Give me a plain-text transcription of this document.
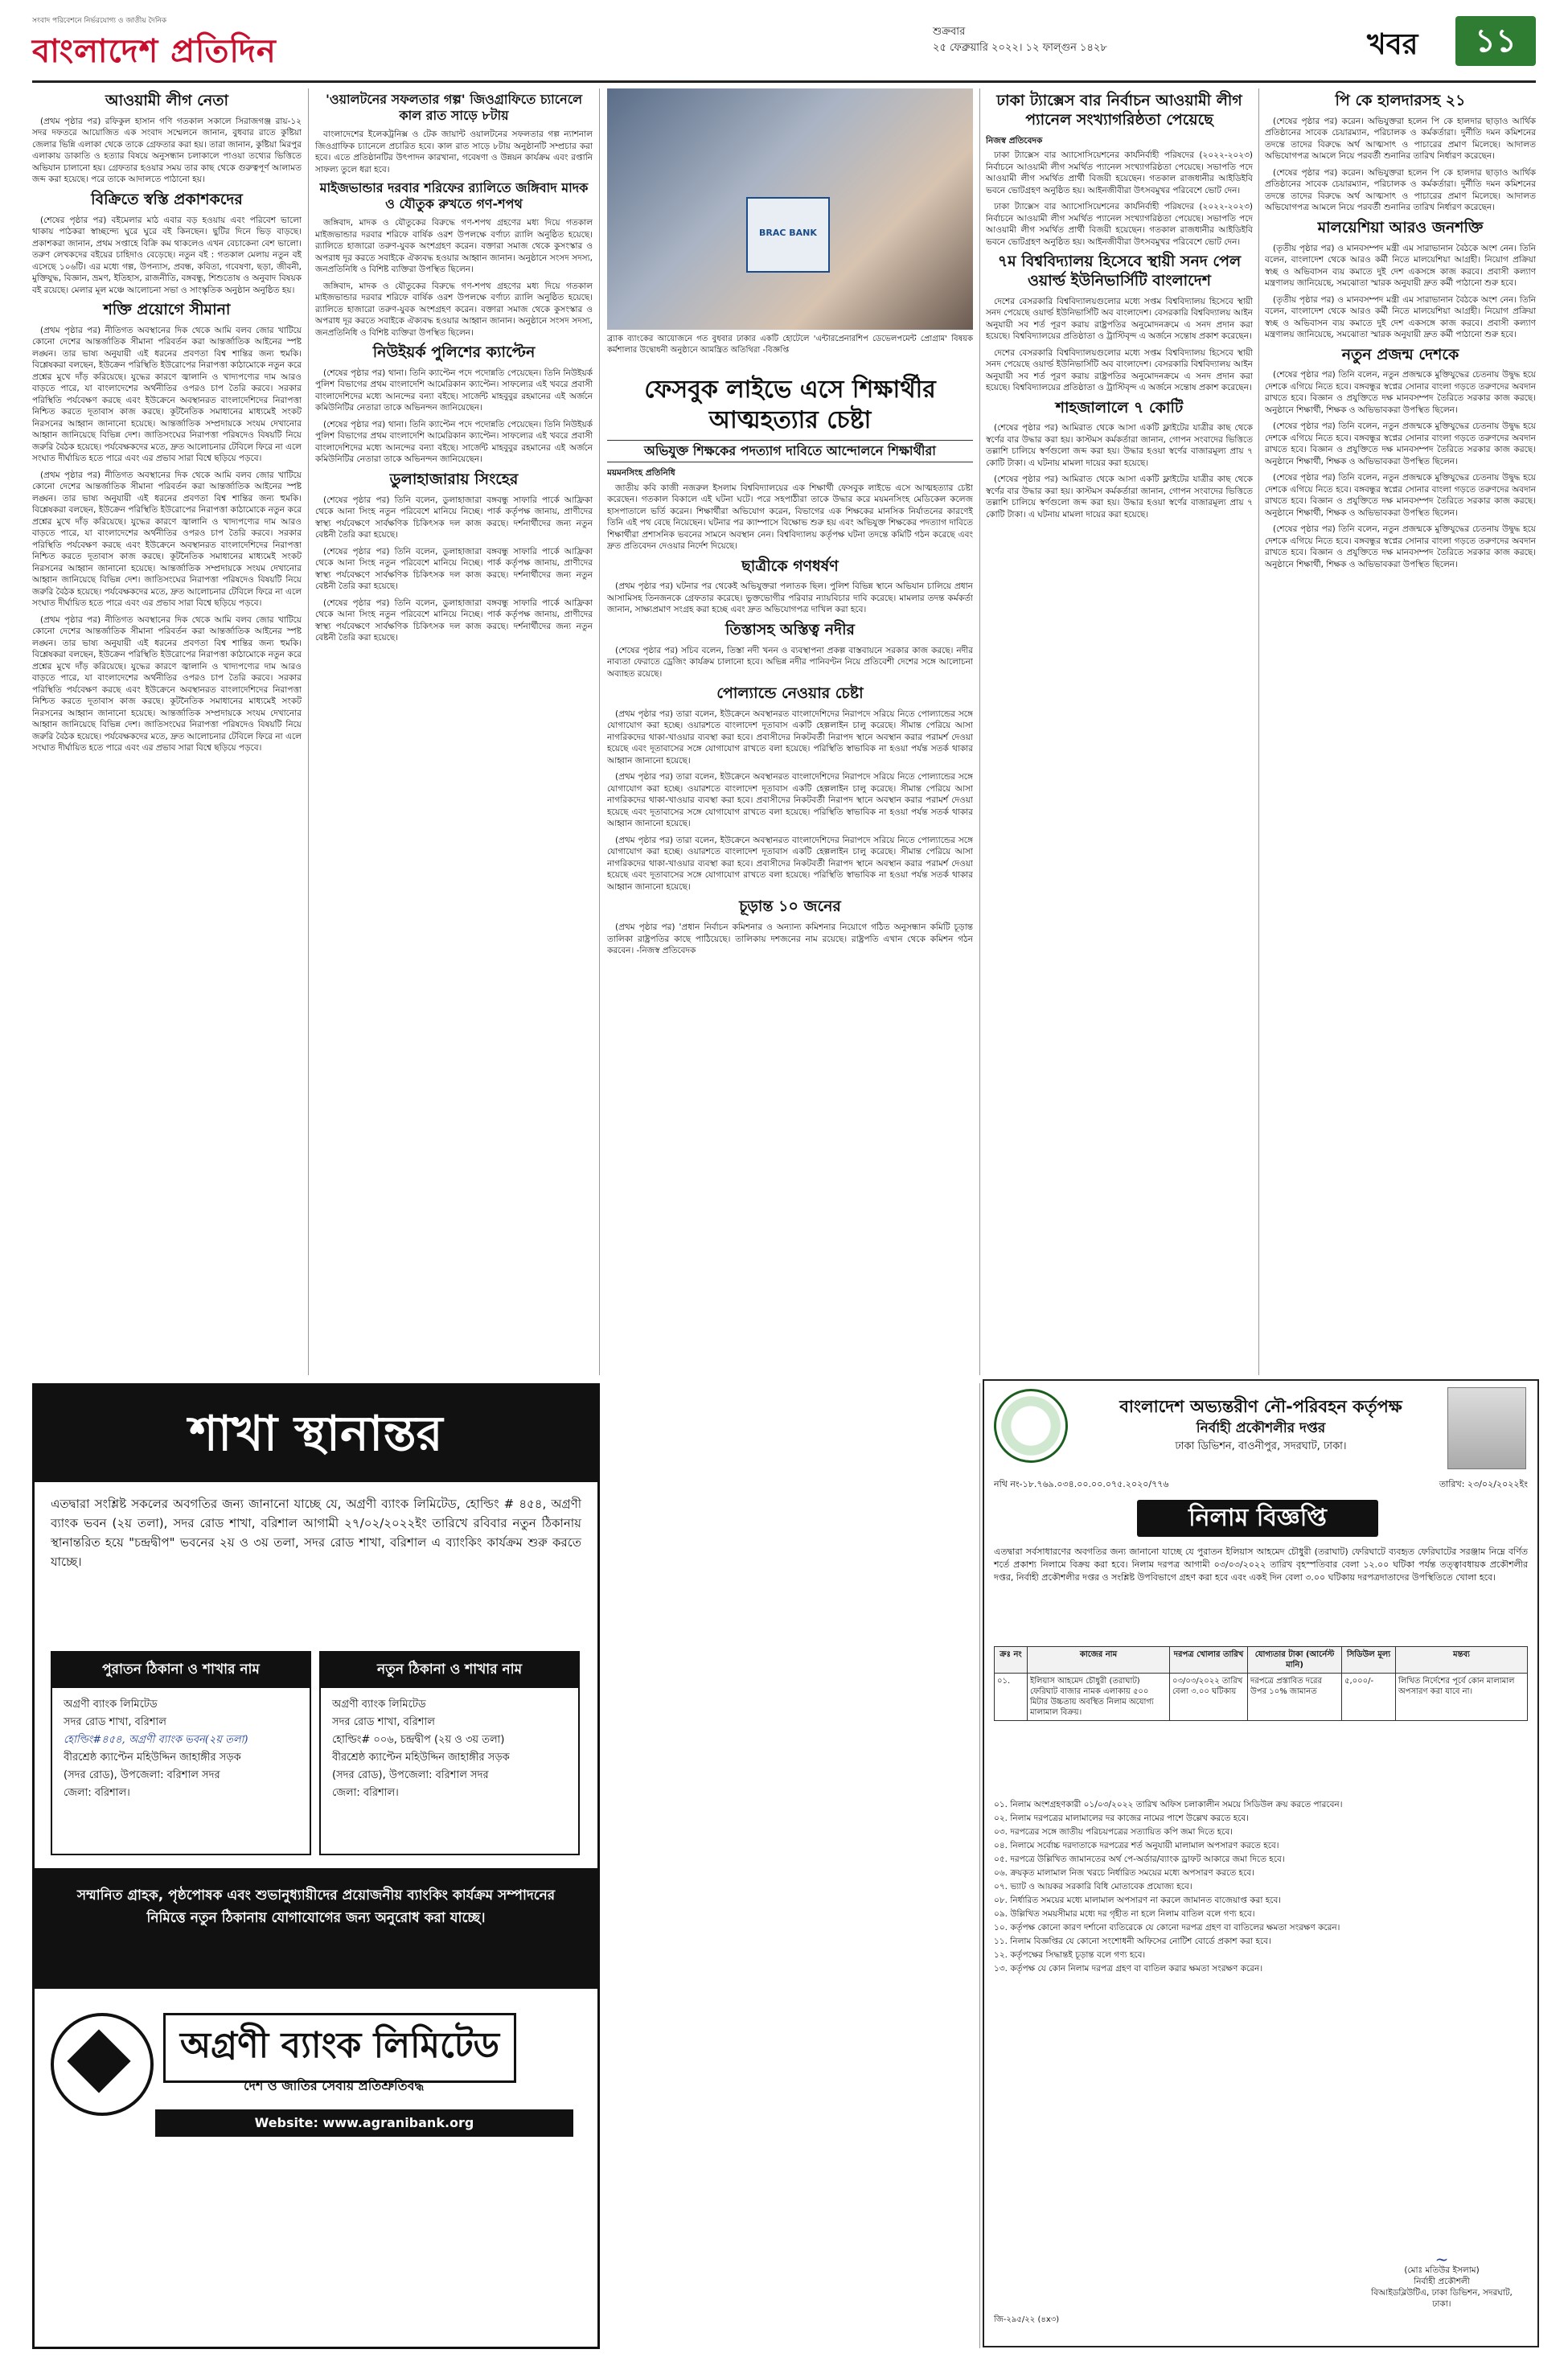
সংবাদ পরিবেশনে নির্ভরযোগ্য ও জাতীয় দৈনিক
বাংলাদেশ প্রতিদিন
শুক্রবার
২৫ ফেব্রুয়ারি ২০২২। ১২ ফাল্গুন ১৪২৮	খবর	১১
আওয়ামী লীগ নেতা

(প্রথম পৃষ্ঠার পর) রফিকুল হাসান গণি গতকাল সকালে সিরাজগঞ্জ রায়-১২ সদর দফতরে আয়োজিত এক সংবাদ সম্মেলনে জানান, বুধবার রাতে কুষ্টিয়া জেলার ভিন্নি এলাকা থেকে তাকে গ্রেফতার করা হয়। তারা জানান, কুষ্টিয়া মিরপুর এলাকায় ডাকাতি ও হত্যার বিষয়ে অনুসন্ধান চলাকালে পাওয়া তথ্যের ভিত্তিতে অভিযান চালানো হয়। গ্রেফতার হওয়ার সময় তার কাছ থেকে গুরুত্বপূর্ণ আলামত জব্দ করা হয়েছে। পরে তাকে আদালতে পাঠানো হয়।

বিক্রিতে স্বস্তি প্রকাশকদের

(শেষের পৃষ্ঠার পর) বইমেলার মাঠ এবার বড় হওয়ায় এবং পরিবেশ ভালো থাকায় পাঠকরা স্বাচ্ছন্দ্যে ঘুরে ঘুরে বই কিনছেন। ছুটির দিনে ভিড় বাড়ছে। প্রকাশকরা জানান, প্রথম সপ্তাহে বিক্রি কম থাকলেও এখন বেচাকেনা বেশ ভালো। তরুণ লেখকদের বইয়ের চাহিদাও বেড়েছে। নতুন বই : গতকাল মেলায় নতুন বই এসেছে ১০৬টি। এর মধ্যে গল্প, উপন্যাস, প্রবন্ধ, কবিতা, গবেষণা, ছড়া, জীবনী, মুক্তিযুদ্ধ, বিজ্ঞান, ভ্রমণ, ইতিহাস, রাজনীতি, বঙ্গবন্ধু, শিশুতোষ ও অনুবাদ বিষয়ক বই রয়েছে। মেলার মূল মঞ্চে আলোচনা সভা ও সাংস্কৃতিক অনুষ্ঠান অনুষ্ঠিত হয়।

শক্তি প্রয়োগে সীমানা

(প্রথম পৃষ্ঠার পর) নীতিগত অবস্থানের দিক থেকে আমি বলব জোর খাটিয়ে কোনো দেশের আন্তর্জাতিক সীমানা পরিবর্তন করা আন্তর্জাতিক আইনের স্পষ্ট লঙ্ঘন। তার ভাষ্য অনুযায়ী এই ধরনের প্রবণতা বিশ্ব শান্তির জন্য হুমকি। বিশ্লেষকরা বলছেন, ইউক্রেন পরিস্থিতি ইউরোপের নিরাপত্তা কাঠামোকে নতুন করে প্রশ্নের মুখে দাঁড় করিয়েছে। যুদ্ধের কারণে জ্বালানি ও খাদ্যপণ্যের দাম আরও বাড়তে পারে, যা বাংলাদেশের অর্থনীতির ওপরও চাপ তৈরি করবে। সরকার পরিস্থিতি পর্যবেক্ষণ করছে এবং ইউক্রেনে অবস্থানরত বাংলাদেশিদের নিরাপত্তা নিশ্চিত করতে দূতাবাস কাজ করছে। কূটনৈতিক সমাধানের মাধ্যমেই সংকট নিরসনের আহ্বান জানানো হয়েছে। আন্তর্জাতিক সম্প্রদায়কে সংযম দেখানোর আহ্বান জানিয়েছে বিভিন্ন দেশ। জাতিসংঘের নিরাপত্তা পরিষদেও বিষয়টি নিয়ে জরুরি বৈঠক হয়েছে। পর্যবেক্ষকদের মতে, দ্রুত আলোচনার টেবিলে ফিরে না এলে সংঘাত দীর্ঘায়িত হতে পারে এবং এর প্রভাব সারা বিশ্বে ছড়িয়ে পড়বে।

(প্রথম পৃষ্ঠার পর) নীতিগত অবস্থানের দিক থেকে আমি বলব জোর খাটিয়ে কোনো দেশের আন্তর্জাতিক সীমানা পরিবর্তন করা আন্তর্জাতিক আইনের স্পষ্ট লঙ্ঘন। তার ভাষ্য অনুযায়ী এই ধরনের প্রবণতা বিশ্ব শান্তির জন্য হুমকি। বিশ্লেষকরা বলছেন, ইউক্রেন পরিস্থিতি ইউরোপের নিরাপত্তা কাঠামোকে নতুন করে প্রশ্নের মুখে দাঁড় করিয়েছে। যুদ্ধের কারণে জ্বালানি ও খাদ্যপণ্যের দাম আরও বাড়তে পারে, যা বাংলাদেশের অর্থনীতির ওপরও চাপ তৈরি করবে। সরকার পরিস্থিতি পর্যবেক্ষণ করছে এবং ইউক্রেনে অবস্থানরত বাংলাদেশিদের নিরাপত্তা নিশ্চিত করতে দূতাবাস কাজ করছে। কূটনৈতিক সমাধানের মাধ্যমেই সংকট নিরসনের আহ্বান জানানো হয়েছে। আন্তর্জাতিক সম্প্রদায়কে সংযম দেখানোর আহ্বান জানিয়েছে বিভিন্ন দেশ। জাতিসংঘের নিরাপত্তা পরিষদেও বিষয়টি নিয়ে জরুরি বৈঠক হয়েছে। পর্যবেক্ষকদের মতে, দ্রুত আলোচনার টেবিলে ফিরে না এলে সংঘাত দীর্ঘায়িত হতে পারে এবং এর প্রভাব সারা বিশ্বে ছড়িয়ে পড়বে।

(প্রথম পৃষ্ঠার পর) নীতিগত অবস্থানের দিক থেকে আমি বলব জোর খাটিয়ে কোনো দেশের আন্তর্জাতিক সীমানা পরিবর্তন করা আন্তর্জাতিক আইনের স্পষ্ট লঙ্ঘন। তার ভাষ্য অনুযায়ী এই ধরনের প্রবণতা বিশ্ব শান্তির জন্য হুমকি। বিশ্লেষকরা বলছেন, ইউক্রেন পরিস্থিতি ইউরোপের নিরাপত্তা কাঠামোকে নতুন করে প্রশ্নের মুখে দাঁড় করিয়েছে। যুদ্ধের কারণে জ্বালানি ও খাদ্যপণ্যের দাম আরও বাড়তে পারে, যা বাংলাদেশের অর্থনীতির ওপরও চাপ তৈরি করবে। সরকার পরিস্থিতি পর্যবেক্ষণ করছে এবং ইউক্রেনে অবস্থানরত বাংলাদেশিদের নিরাপত্তা নিশ্চিত করতে দূতাবাস কাজ করছে। কূটনৈতিক সমাধানের মাধ্যমেই সংকট নিরসনের আহ্বান জানানো হয়েছে। আন্তর্জাতিক সম্প্রদায়কে সংযম দেখানোর আহ্বান জানিয়েছে বিভিন্ন দেশ। জাতিসংঘের নিরাপত্তা পরিষদেও বিষয়টি নিয়ে জরুরি বৈঠক হয়েছে। পর্যবেক্ষকদের মতে, দ্রুত আলোচনার টেবিলে ফিরে না এলে সংঘাত দীর্ঘায়িত হতে পারে এবং এর প্রভাব সারা বিশ্বে ছড়িয়ে পড়বে।

'ওয়ালটনের সফলতার গল্প' জিওগ্রাফিতে চ্যানেলে কাল রাত সাড়ে ৮টায়

বাংলাদেশের ইলেকট্রনিক্স ও টেক জায়ান্ট ওয়ালটনের সফলতার গল্প ন্যাশনাল জিওগ্রাফিক চ্যানেলে প্রচারিত হবে। কাল রাত সাড়ে ৮টায় অনুষ্ঠানটি সম্প্রচার করা হবে। এতে প্রতিষ্ঠানটির উৎপাদন কারখানা, গবেষণা ও উন্নয়ন কার্যক্রম এবং রপ্তানি সাফল্য তুলে ধরা হবে।

মাইজভান্ডার দরবার শরিফের র‍্যালিতে জঙ্গিবাদ মাদক ও যৌতুক রুখতে গণ-শপথ

জঙ্গিবাদ, মাদক ও যৌতুকের বিরুদ্ধে গণ-শপথ গ্রহণের মধ্য দিয়ে গতকাল মাইজভান্ডার দরবার শরিফে বার্ষিক ওরশ উপলক্ষে বর্ণাঢ্য র‍্যালি অনুষ্ঠিত হয়েছে। র‍্যালিতে হাজারো তরুণ-যুবক অংশগ্রহণ করেন। বক্তারা সমাজ থেকে কুসংস্কার ও অপরাধ দূর করতে সবাইকে ঐক্যবদ্ধ হওয়ার আহ্বান জানান। অনুষ্ঠানে সংসদ সদস্য, জনপ্রতিনিধি ও বিশিষ্ট ব্যক্তিরা উপস্থিত ছিলেন।

জঙ্গিবাদ, মাদক ও যৌতুকের বিরুদ্ধে গণ-শপথ গ্রহণের মধ্য দিয়ে গতকাল মাইজভান্ডার দরবার শরিফে বার্ষিক ওরশ উপলক্ষে বর্ণাঢ্য র‍্যালি অনুষ্ঠিত হয়েছে। র‍্যালিতে হাজারো তরুণ-যুবক অংশগ্রহণ করেন। বক্তারা সমাজ থেকে কুসংস্কার ও অপরাধ দূর করতে সবাইকে ঐক্যবদ্ধ হওয়ার আহ্বান জানান। অনুষ্ঠানে সংসদ সদস্য, জনপ্রতিনিধি ও বিশিষ্ট ব্যক্তিরা উপস্থিত ছিলেন।

নিউইয়র্ক পুলিশের ক্যাপ্টেন

(শেষের পৃষ্ঠার পর) থানা। তিনি ক্যাপ্টেন পদে পদোন্নতি পেয়েছেন। তিনি নিউইয়র্ক পুলিশ বিভাগের প্রথম বাংলাদেশি আমেরিকান ক্যাপ্টেন। সাফল্যের এই খবরে প্রবাসী বাংলাদেশিদের মধ্যে আনন্দের বন্যা বইছে। সার্জেন্ট মাহবুবুর রহমানের এই অর্জনে কমিউনিটির নেতারা তাকে অভিনন্দন জানিয়েছেন।

(শেষের পৃষ্ঠার পর) থানা। তিনি ক্যাপ্টেন পদে পদোন্নতি পেয়েছেন। তিনি নিউইয়র্ক পুলিশ বিভাগের প্রথম বাংলাদেশি আমেরিকান ক্যাপ্টেন। সাফল্যের এই খবরে প্রবাসী বাংলাদেশিদের মধ্যে আনন্দের বন্যা বইছে। সার্জেন্ট মাহবুবুর রহমানের এই অর্জনে কমিউনিটির নেতারা তাকে অভিনন্দন জানিয়েছেন।

ডুলাহাজারায় সিংহের

(শেষের পৃষ্ঠার পর) তিনি বলেন, ডুলাহাজারা বঙ্গবন্ধু সাফারি পার্কে আফ্রিকা থেকে আনা সিংহ নতুন পরিবেশে মানিয়ে নিচ্ছে। পার্ক কর্তৃপক্ষ জানায়, প্রাণীদের স্বাস্থ্য পর্যবেক্ষণে সার্বক্ষণিক চিকিৎসক দল কাজ করছে। দর্শনার্থীদের জন্য নতুন বেষ্টনী তৈরি করা হয়েছে।

(শেষের পৃষ্ঠার পর) তিনি বলেন, ডুলাহাজারা বঙ্গবন্ধু সাফারি পার্কে আফ্রিকা থেকে আনা সিংহ নতুন পরিবেশে মানিয়ে নিচ্ছে। পার্ক কর্তৃপক্ষ জানায়, প্রাণীদের স্বাস্থ্য পর্যবেক্ষণে সার্বক্ষণিক চিকিৎসক দল কাজ করছে। দর্শনার্থীদের জন্য নতুন বেষ্টনী তৈরি করা হয়েছে।

(শেষের পৃষ্ঠার পর) তিনি বলেন, ডুলাহাজারা বঙ্গবন্ধু সাফারি পার্কে আফ্রিকা থেকে আনা সিংহ নতুন পরিবেশে মানিয়ে নিচ্ছে। পার্ক কর্তৃপক্ষ জানায়, প্রাণীদের স্বাস্থ্য পর্যবেক্ষণে সার্বক্ষণিক চিকিৎসক দল কাজ করছে। দর্শনার্থীদের জন্য নতুন বেষ্টনী তৈরি করা হয়েছে।

BRAC BANK
ব্র্যাক ব্যাংকের আয়োজনে গত বুধবার ঢাকার একটি হোটেলে 'এন্টারপ্রেনারশিপ ডেভেলপমেন্ট প্রোগ্রাম' বিষয়ক কর্মশালার উদ্বোধনী অনুষ্ঠানে আমন্ত্রিত অতিথিরা -বিজ্ঞপ্তি
ফেসবুক লাইভে এসে শিক্ষার্থীর আত্মহত্যার চেষ্টা
অভিযুক্ত শিক্ষকের পদত্যাগ দাবিতে আন্দোলনে শিক্ষার্থীরা
ময়মনসিংহ প্রতিনিধি

জাতীয় কবি কাজী নজরুল ইসলাম বিশ্ববিদ্যালয়ের এক শিক্ষার্থী ফেসবুক লাইভে এসে আত্মহত্যার চেষ্টা করেছেন। গতকাল বিকালে এই ঘটনা ঘটে। পরে সহপাঠীরা তাকে উদ্ধার করে ময়মনসিংহ মেডিকেল কলেজ হাসপাতালে ভর্তি করেন। শিক্ষার্থীরা অভিযোগ করেন, বিভাগের এক শিক্ষকের মানসিক নির্যাতনের কারণেই তিনি এই পথ বেছে নিয়েছেন। ঘটনার পর ক্যাম্পাসে বিক্ষোভ শুরু হয় এবং অভিযুক্ত শিক্ষকের পদত্যাগ দাবিতে শিক্ষার্থীরা প্রশাসনিক ভবনের সামনে অবস্থান নেন। বিশ্ববিদ্যালয় কর্তৃপক্ষ ঘটনা তদন্তে কমিটি গঠন করেছে এবং দ্রুত প্রতিবেদন দেওয়ার নির্দেশ দিয়েছে।

ছাত্রীকে গণধর্ষণ

(প্রথম পৃষ্ঠার পর) ঘটনার পর থেকেই অভিযুক্তরা পলাতক ছিল। পুলিশ বিভিন্ন স্থানে অভিযান চালিয়ে প্রধান আসামিসহ তিনজনকে গ্রেফতার করেছে। ভুক্তভোগীর পরিবার ন্যায়বিচার দাবি করেছে। মামলার তদন্ত কর্মকর্তা জানান, সাক্ষ্যপ্রমাণ সংগ্রহ করা হচ্ছে এবং দ্রুত অভিযোগপত্র দাখিল করা হবে।

তিস্তাসহ অস্তিত্ব নদীর

(শেষের পৃষ্ঠার পর) সচিব বলেন, তিস্তা নদী খনন ও ব্যবস্থাপনা প্রকল্প বাস্তবায়নে সরকার কাজ করছে। নদীর নাব্যতা ফেরাতে ড্রেজিং কার্যক্রম চালানো হবে। অভিন্ন নদীর পানিবণ্টন নিয়ে প্রতিবেশী দেশের সঙ্গে আলোচনা অব্যাহত রয়েছে।

পোল্যান্ডে নেওয়ার চেষ্টা

(প্রথম পৃষ্ঠার পর) তারা বলেন, ইউক্রেনে অবস্থানরত বাংলাদেশিদের নিরাপদে সরিয়ে নিতে পোল্যান্ডের সঙ্গে যোগাযোগ করা হচ্ছে। ওয়ারশতে বাংলাদেশ দূতাবাস একটি হেল্পলাইন চালু করেছে। সীমান্ত পেরিয়ে আসা নাগরিকদের থাকা-খাওয়ার ব্যবস্থা করা হবে। প্রবাসীদের নিকটবর্তী নিরাপদ স্থানে অবস্থান করার পরামর্শ দেওয়া হয়েছে এবং দূতাবাসের সঙ্গে যোগাযোগ রাখতে বলা হয়েছে। পরিস্থিতি স্বাভাবিক না হওয়া পর্যন্ত সতর্ক থাকার আহ্বান জানানো হয়েছে।

(প্রথম পৃষ্ঠার পর) তারা বলেন, ইউক্রেনে অবস্থানরত বাংলাদেশিদের নিরাপদে সরিয়ে নিতে পোল্যান্ডের সঙ্গে যোগাযোগ করা হচ্ছে। ওয়ারশতে বাংলাদেশ দূতাবাস একটি হেল্পলাইন চালু করেছে। সীমান্ত পেরিয়ে আসা নাগরিকদের থাকা-খাওয়ার ব্যবস্থা করা হবে। প্রবাসীদের নিকটবর্তী নিরাপদ স্থানে অবস্থান করার পরামর্শ দেওয়া হয়েছে এবং দূতাবাসের সঙ্গে যোগাযোগ রাখতে বলা হয়েছে। পরিস্থিতি স্বাভাবিক না হওয়া পর্যন্ত সতর্ক থাকার আহ্বান জানানো হয়েছে।

(প্রথম পৃষ্ঠার পর) তারা বলেন, ইউক্রেনে অবস্থানরত বাংলাদেশিদের নিরাপদে সরিয়ে নিতে পোল্যান্ডের সঙ্গে যোগাযোগ করা হচ্ছে। ওয়ারশতে বাংলাদেশ দূতাবাস একটি হেল্পলাইন চালু করেছে। সীমান্ত পেরিয়ে আসা নাগরিকদের থাকা-খাওয়ার ব্যবস্থা করা হবে। প্রবাসীদের নিকটবর্তী নিরাপদ স্থানে অবস্থান করার পরামর্শ দেওয়া হয়েছে এবং দূতাবাসের সঙ্গে যোগাযোগ রাখতে বলা হয়েছে। পরিস্থিতি স্বাভাবিক না হওয়া পর্যন্ত সতর্ক থাকার আহ্বান জানানো হয়েছে।

চূড়ান্ত ১০ জনের

(প্রথম পৃষ্ঠার পর) 'প্রধান নির্বাচন কমিশনার ও অন্যান্য কমিশনার নিয়োগে গঠিত অনুসন্ধান কমিটি চূড়ান্ত তালিকা রাষ্ট্রপতির কাছে পাঠিয়েছে। তালিকায় দশজনের নাম রয়েছে। রাষ্ট্রপতি এখান থেকে কমিশন গঠন করবেন। -নিজস্ব প্রতিবেদক

ঢাকা ট্যাক্সেস বার নির্বাচন আওয়ামী লীগ প্যানেল সংখ্যাগরিষ্ঠতা পেয়েছে
নিজস্ব প্রতিবেদক

ঢাকা ট্যাক্সেস বার অ্যাসোসিয়েশনের কার্যনির্বাহী পরিষদের (২০২২-২০২৩) নির্বাচনে আওয়ামী লীগ সমর্থিত প্যানেল সংখ্যাগরিষ্ঠতা পেয়েছে। সভাপতি পদে আওয়ামী লীগ সমর্থিত প্রার্থী বিজয়ী হয়েছেন। গতকাল রাজধানীর আইডিইবি ভবনে ভোটগ্রহণ অনুষ্ঠিত হয়। আইনজীবীরা উৎসবমুখর পরিবেশে ভোট দেন।

ঢাকা ট্যাক্সেস বার অ্যাসোসিয়েশনের কার্যনির্বাহী পরিষদের (২০২২-২০২৩) নির্বাচনে আওয়ামী লীগ সমর্থিত প্যানেল সংখ্যাগরিষ্ঠতা পেয়েছে। সভাপতি পদে আওয়ামী লীগ সমর্থিত প্রার্থী বিজয়ী হয়েছেন। গতকাল রাজধানীর আইডিইবি ভবনে ভোটগ্রহণ অনুষ্ঠিত হয়। আইনজীবীরা উৎসবমুখর পরিবেশে ভোট দেন।

৭ম বিশ্ববিদ্যালয় হিসেবে স্থায়ী সনদ পেল ওয়ার্ল্ড ইউনিভার্সিটি বাংলাদেশ

দেশের বেসরকারি বিশ্ববিদ্যালয়গুলোর মধ্যে সপ্তম বিশ্ববিদ্যালয় হিসেবে স্থায়ী সনদ পেয়েছে ওয়ার্ল্ড ইউনিভার্সিটি অব বাংলাদেশ। বেসরকারি বিশ্ববিদ্যালয় আইন অনুযায়ী সব শর্ত পূরণ করায় রাষ্ট্রপতির অনুমোদনক্রমে এ সনদ প্রদান করা হয়েছে। বিশ্ববিদ্যালয়ের প্রতিষ্ঠাতা ও ট্রাস্টিবৃন্দ এ অর্জনে সন্তোষ প্রকাশ করেছেন।

দেশের বেসরকারি বিশ্ববিদ্যালয়গুলোর মধ্যে সপ্তম বিশ্ববিদ্যালয় হিসেবে স্থায়ী সনদ পেয়েছে ওয়ার্ল্ড ইউনিভার্সিটি অব বাংলাদেশ। বেসরকারি বিশ্ববিদ্যালয় আইন অনুযায়ী সব শর্ত পূরণ করায় রাষ্ট্রপতির অনুমোদনক্রমে এ সনদ প্রদান করা হয়েছে। বিশ্ববিদ্যালয়ের প্রতিষ্ঠাতা ও ট্রাস্টিবৃন্দ এ অর্জনে সন্তোষ প্রকাশ করেছেন।

শাহজালালে ৭ কোটি

(শেষের পৃষ্ঠার পর) আমিরাত থেকে আসা একটি ফ্লাইটের যাত্রীর কাছ থেকে স্বর্ণের বার উদ্ধার করা হয়। কাস্টমস কর্মকর্তারা জানান, গোপন সংবাদের ভিত্তিতে তল্লাশি চালিয়ে স্বর্ণগুলো জব্দ করা হয়। উদ্ধার হওয়া স্বর্ণের বাজারমূল্য প্রায় ৭ কোটি টাকা। এ ঘটনায় মামলা দায়ের করা হয়েছে।

(শেষের পৃষ্ঠার পর) আমিরাত থেকে আসা একটি ফ্লাইটের যাত্রীর কাছ থেকে স্বর্ণের বার উদ্ধার করা হয়। কাস্টমস কর্মকর্তারা জানান, গোপন সংবাদের ভিত্তিতে তল্লাশি চালিয়ে স্বর্ণগুলো জব্দ করা হয়। উদ্ধার হওয়া স্বর্ণের বাজারমূল্য প্রায় ৭ কোটি টাকা। এ ঘটনায় মামলা দায়ের করা হয়েছে।

পি কে হালদারসহ ২১

(শেষের পৃষ্ঠার পর) করেন। অভিযুক্তরা হলেন পি কে হালদার ছাড়াও আর্থিক প্রতিষ্ঠানের সাবেক চেয়ারম্যান, পরিচালক ও কর্মকর্তারা। দুর্নীতি দমন কমিশনের তদন্তে তাদের বিরুদ্ধে অর্থ আত্মসাৎ ও পাচারের প্রমাণ মিলেছে। আদালত অভিযোগপত্র আমলে নিয়ে পরবর্তী শুনানির তারিখ নির্ধারণ করেছেন।

(শেষের পৃষ্ঠার পর) করেন। অভিযুক্তরা হলেন পি কে হালদার ছাড়াও আর্থিক প্রতিষ্ঠানের সাবেক চেয়ারম্যান, পরিচালক ও কর্মকর্তারা। দুর্নীতি দমন কমিশনের তদন্তে তাদের বিরুদ্ধে অর্থ আত্মসাৎ ও পাচারের প্রমাণ মিলেছে। আদালত অভিযোগপত্র আমলে নিয়ে পরবর্তী শুনানির তারিখ নির্ধারণ করেছেন।

মালয়েশিয়া আরও জনশক্তি

(তৃতীয় পৃষ্ঠার পর) ও মানবসম্পদ মন্ত্রী এম সারাভানান বৈঠকে অংশ নেন। তিনি বলেন, বাংলাদেশ থেকে আরও কর্মী নিতে মালয়েশিয়া আগ্রহী। নিয়োগ প্রক্রিয়া স্বচ্ছ ও অভিবাসন ব্যয় কমাতে দুই দেশ একসঙ্গে কাজ করবে। প্রবাসী কল্যাণ মন্ত্রণালয় জানিয়েছে, সমঝোতা স্মারক অনুযায়ী দ্রুত কর্মী পাঠানো শুরু হবে।

(তৃতীয় পৃষ্ঠার পর) ও মানবসম্পদ মন্ত্রী এম সারাভানান বৈঠকে অংশ নেন। তিনি বলেন, বাংলাদেশ থেকে আরও কর্মী নিতে মালয়েশিয়া আগ্রহী। নিয়োগ প্রক্রিয়া স্বচ্ছ ও অভিবাসন ব্যয় কমাতে দুই দেশ একসঙ্গে কাজ করবে। প্রবাসী কল্যাণ মন্ত্রণালয় জানিয়েছে, সমঝোতা স্মারক অনুযায়ী দ্রুত কর্মী পাঠানো শুরু হবে।

নতুন প্রজন্ম দেশকে

(শেষের পৃষ্ঠার পর) তিনি বলেন, নতুন প্রজন্মকে মুক্তিযুদ্ধের চেতনায় উদ্বুদ্ধ হয়ে দেশকে এগিয়ে নিতে হবে। বঙ্গবন্ধুর স্বপ্নের সোনার বাংলা গড়তে তরুণদের অবদান রাখতে হবে। বিজ্ঞান ও প্রযুক্তিতে দক্ষ মানবসম্পদ তৈরিতে সরকার কাজ করছে। অনুষ্ঠানে শিক্ষার্থী, শিক্ষক ও অভিভাবকরা উপস্থিত ছিলেন।

(শেষের পৃষ্ঠার পর) তিনি বলেন, নতুন প্রজন্মকে মুক্তিযুদ্ধের চেতনায় উদ্বুদ্ধ হয়ে দেশকে এগিয়ে নিতে হবে। বঙ্গবন্ধুর স্বপ্নের সোনার বাংলা গড়তে তরুণদের অবদান রাখতে হবে। বিজ্ঞান ও প্রযুক্তিতে দক্ষ মানবসম্পদ তৈরিতে সরকার কাজ করছে। অনুষ্ঠানে শিক্ষার্থী, শিক্ষক ও অভিভাবকরা উপস্থিত ছিলেন।

(শেষের পৃষ্ঠার পর) তিনি বলেন, নতুন প্রজন্মকে মুক্তিযুদ্ধের চেতনায় উদ্বুদ্ধ হয়ে দেশকে এগিয়ে নিতে হবে। বঙ্গবন্ধুর স্বপ্নের সোনার বাংলা গড়তে তরুণদের অবদান রাখতে হবে। বিজ্ঞান ও প্রযুক্তিতে দক্ষ মানবসম্পদ তৈরিতে সরকার কাজ করছে। অনুষ্ঠানে শিক্ষার্থী, শিক্ষক ও অভিভাবকরা উপস্থিত ছিলেন।

(শেষের পৃষ্ঠার পর) তিনি বলেন, নতুন প্রজন্মকে মুক্তিযুদ্ধের চেতনায় উদ্বুদ্ধ হয়ে দেশকে এগিয়ে নিতে হবে। বঙ্গবন্ধুর স্বপ্নের সোনার বাংলা গড়তে তরুণদের অবদান রাখতে হবে। বিজ্ঞান ও প্রযুক্তিতে দক্ষ মানবসম্পদ তৈরিতে সরকার কাজ করছে। অনুষ্ঠানে শিক্ষার্থী, শিক্ষক ও অভিভাবকরা উপস্থিত ছিলেন।

শাখা স্থানান্তর
এতদ্বারা সংশ্লিষ্ট সকলের অবগতির জন্য জানানো যাচ্ছে যে, অগ্রণী ব্যাংক লিমিটেড, হোল্ডিং # ৪৫৪, অগ্রণী ব্যাংক ভবন (২য় তলা), সদর রোড শাখা, বরিশাল আগামী ২৭/০২/২০২২ইং তারিখে রবিবার নতুন ঠিকানায় স্থানান্তরিত হয়ে "চন্দ্রদ্বীপ" ভবনের ২য় ও ৩য় তলা, সদর রোড শাখা, বরিশাল এ ব্যাংকিং কার্যক্রম শুরু করতে যাচ্ছে।
পুরাতন ঠিকানা ও শাখার নাম
অগ্রণী ব্যাংক লিমিটেড
সদর রোড শাখা, বরিশাল
হোল্ডিং#৪৫৪, অগ্রণী ব্যাংক ভবন(২য় তলা)
বীরশ্রেষ্ঠ ক্যাপ্টেন মহিউদ্দিন জাহাঙ্গীর সড়ক
(সদর রোড), উপজেলা: বরিশাল সদর
জেলা: বরিশাল।
নতুন ঠিকানা ও শাখার নাম
অগ্রণী ব্যাংক লিমিটেড
সদর রোড শাখা, বরিশাল
হোল্ডিং# ০০৬, চন্দ্রদ্বীপ (২য় ও ৩য় তলা)
বীরশ্রেষ্ঠ ক্যাপ্টেন মহিউদ্দিন জাহাঙ্গীর সড়ক
(সদর রোড), উপজেলা: বরিশাল সদর
জেলা: বরিশাল।
সম্মানিত গ্রাহক, পৃষ্ঠপোষক এবং শুভানুধ্যায়ীদের প্রয়োজনীয় ব্যাংকিং কার্যক্রম সম্পাদনের নিমিত্তে নতুন ঠিকানায় যোগাযোগের জন্য অনুরোধ করা যাচ্ছে।
অগ্রণী ব্যাংক লিমিটেড
দেশ ও জাতির সেবায় প্রতিশ্রুতিবদ্ধ
Website: www.agranibank.org
বাংলাদেশ অভ্যন্তরীণ নৌ-পরিবহন কর্তৃপক্ষ
নির্বাহী প্রকৌশলীর দপ্তর
ঢাকা ডিভিশন, বাওনীপুর, সদরঘাট, ঢাকা।
নথি নং-১৮.৭৬৯.০৩৪.০০.০০.০৭৫.২০২০/৭৭৬	তারিখ: ২৩/০২/২০২২ইং
নিলাম বিজ্ঞপ্তি
এতদ্বারা সর্বসাধারণের অবগতির জন্য জানানো যাচ্ছে যে পুরাতন ইলিয়াস আহমেদ চৌধুরী (তরাঘাট) ফেরিঘাটে ব্যবহৃত ফেরিঘাটের সরঞ্জাম নিম্নে বর্ণিত শর্তে প্রকাশ্য নিলামে বিক্রয় করা হবে। নিলাম দরপত্র আগামী ০৩/০৩/২০২২ তারিখ বৃহস্পতিবার বেলা ১২.০০ ঘটিকা পর্যন্ত তত্ত্বাবধায়ক প্রকৌশলীর দপ্তর, নির্বাহী প্রকৌশলীর দপ্তর ও সংশ্লিষ্ট উপবিভাগে গ্রহণ করা হবে এবং একই দিন বেলা ৩.০০ ঘটিকায় দরপত্রদাতাদের উপস্থিতিতে খোলা হবে।
ক্রঃ নং	কাজের নাম	দরপত্র খোলার তারিখ	যোগ্যতার টাকা (আর্নেস্ট মানি)	সিডিউল মূল্য	মন্তব্য
০১.	ইলিয়াস আহমেদ চৌধুরী (তরাঘাট) ফেরিঘাট বাজার নামক এলাকায় ৫০০ মিটার উচ্চতায় অবস্থিত নিলাম অযোগ্য মালামাল বিক্রয়।	০৩/০৩/২০২২ তারিখ বেলা ৩.০০ ঘটিকায়	দরপত্রে প্রস্তাবিত দরের উপর ১০% জামানত	৫,০০০/-	লিখিত নির্দেশের পূর্বে কোন মালামাল অপসারণ করা যাবে না।
০১. নিলাম অংশগ্রহণকারী ০১/০৩/২০২২ তারিখ অফিস চলাকালীন সময়ে সিডিউল ক্রয় করতে পারবেন।
০২. নিলাম দরপত্রের মালামালের দর কাজের নামের পাশে উল্লেখ করতে হবে।
০৩. দরপত্রের সঙ্গে জাতীয় পরিচয়পত্রের সত্যায়িত কপি জমা দিতে হবে।
০৪. নিলামে সর্বোচ্চ দরদাতাকে দরপত্রের শর্ত অনুযায়ী মালামাল অপসারণ করতে হবে।
০৫. দরপত্রে উল্লিখিত জামানতের অর্থ পে-অর্ডার/ব্যাংক ড্রাফট আকারে জমা দিতে হবে।
০৬. ক্রয়কৃত মালামাল নিজ খরচে নির্ধারিত সময়ের মধ্যে অপসারণ করতে হবে।
০৭. ভ্যাট ও আয়কর সরকারি বিধি মোতাবেক প্রযোজ্য হবে।
০৮. নির্ধারিত সময়ের মধ্যে মালামাল অপসারণ না করলে জামানত বাজেয়াপ্ত করা হবে।
০৯. উল্লিখিত সময়সীমার মধ্যে দর গৃহীত না হলে নিলাম বাতিল বলে গণ্য হবে।
১০. কর্তৃপক্ষ কোনো কারণ দর্শানো ব্যতিরেকে যে কোনো দরপত্র গ্রহণ বা বাতিলের ক্ষমতা সংরক্ষণ করেন।
১১. নিলাম বিজ্ঞপ্তির যে কোনো সংশোধনী অফিসের নোটিশ বোর্ডে প্রকাশ করা হবে।
১২. কর্তৃপক্ষের সিদ্ধান্তই চূড়ান্ত বলে গণ্য হবে।
১৩. কর্তৃপক্ষ যে কোন নিলাম দরপত্র গ্রহণ বা বাতিল করার ক্ষমতা সংরক্ষণ করেন।
~
(মোঃ মতিউর ইসলাম)
নির্বাহী প্রকৌশলী
বিআইডব্লিউটিএ, ঢাকা ডিভিশন, সদরঘাট, ঢাকা।
জি-২৯৫/২২ (৪x৩)
